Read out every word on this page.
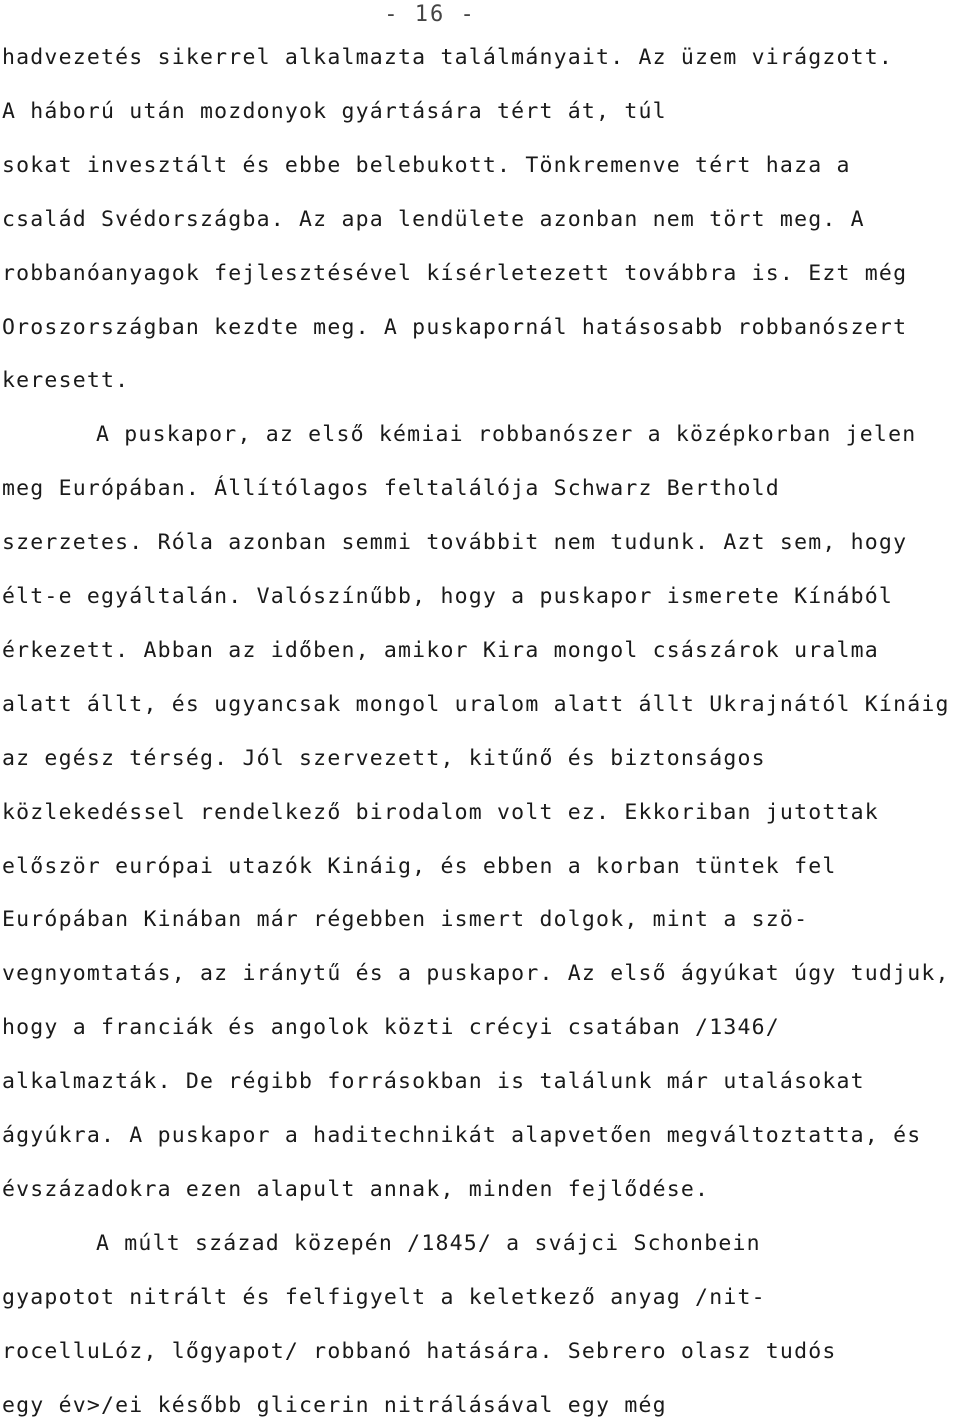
- 16 -
hadvezetés sikerrel alkalmazta találmányait. Az üzem virágzott.
A háború után mozdonyok gyártására tért át, túl
sokat invesztált és ebbe belebukott. Tönkremenve tért haza a
család Svédországba. Az apa lendülete azonban nem tört meg. A
robbanóanyagok fejlesztésével kísérletezett továbbra is. Ezt még
Oroszországban kezdte meg. A puskapornál hatásosabb robbanószert
keresett.
A puskapor, az első kémiai robbanószer a középkorban jelen
meg Európában. Állítólagos feltalálója Schwarz Berthold
szerzetes. Róla azonban semmi továbbit nem tudunk. Azt sem, hogy
élt-e egyáltalán. Valószínűbb, hogy a puskapor ismerete Kínából
érkezett. Abban az időben, amikor Kira mongol császárok uralma
alatt állt, és ugyancsak mongol uralom alatt állt Ukrajnától Kínáig
az egész térség. Jól szervezett, kitűnő és biztonságos
közlekedéssel rendelkező birodalom volt ez. Ekkoriban jutottak
először európai utazók Kináig, és ebben a korban tüntek fel
Európában Kinában már régebben ismert dolgok, mint a szö-
vegnyomtatás, az iránytű és a puskapor. Az első ágyúkat úgy tudjuk,
hogy a franciák és angolok közti crécyi csatában /1346/
alkalmazták. De régibb forrásokban is találunk már utalásokat
ágyúkra. A puskapor a haditechnikát alapvetően megváltoztatta, és
évszázadokra ezen alapult annak, minden fejlődése.
A múlt század közepén /1845/ a svájci Schonbein
gyapotot nitrált és felfigyelt a keletkező anyag /nit-
rocelluLóz, lőgyapot/ robbanó hatására. Sebrero olasz tudós
egy év>/ei később glicerin nitrálásával egy még
